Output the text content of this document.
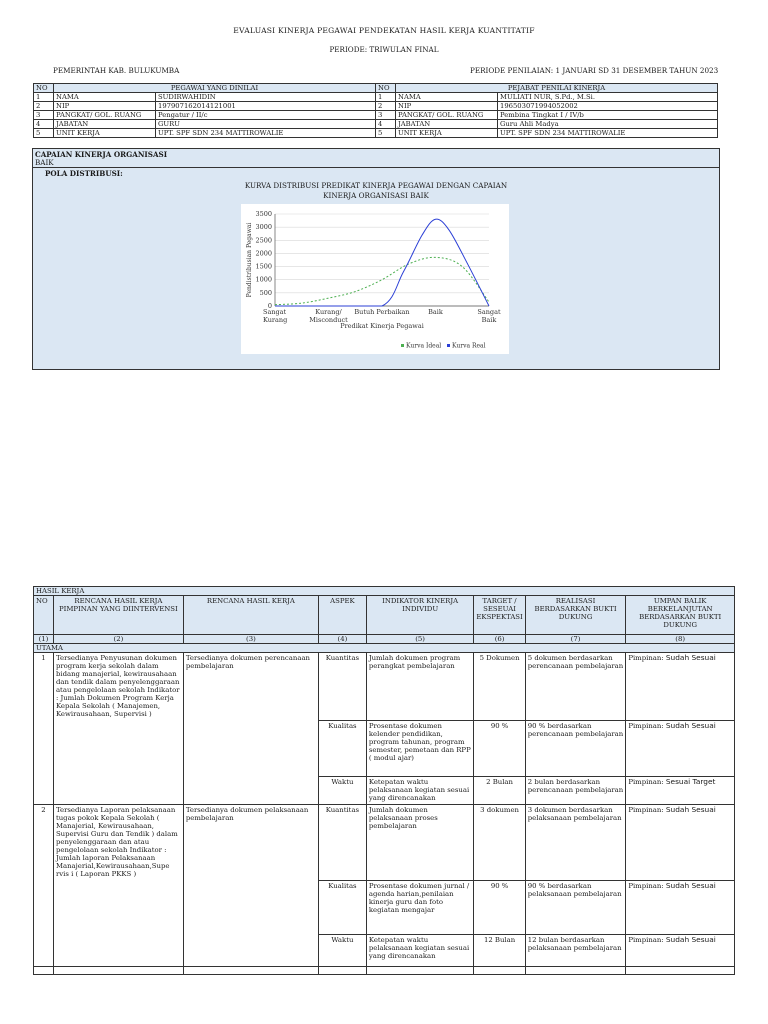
EVALUASI KINERJA PEGAWAI PENDEKATAN HASIL KERJA KUANTITATIF
PERIODE: TRIWULAN FINAL
PEMERINTAH KAB. BULUKUMBA	PERIODE PENILAIAN: 1 JANUARI SD 31 DESEMBER TAHUN 2023
NO	PEGAWAI YANG DINILAI		NO	PEJABAT PENILAI KINERJA	
1	NAMA	SUDIRWAHIDIN	1	NAMA	MULIATI NUR, S.Pd., M.Si.
2	NIP	197907162014121001	2	NIP	196503071994052002
3	PANGKAT/ GOL. RUANG	Pengatur / II/c	3	PANGKAT/ GOL. RUANG	Pembina Tingkat I / IV/b
4	JABATAN	GURU	4	JABATAN	Guru Ahli Madya
5	UNIT KERJA	UPT. SPF SDN 234 MATTIROWALIE	5	UNIT KERJA	UPT. SPF SDN 234 MATTIROWALIE
CAPAIAN KINERJA ORGANISASI
BAIK
POLA DISTRIBUSI:
KURVA DISTRIBUSI PREDIKAT KINERJA PEGAWAI DENGAN CAPAIAN
KINERJA ORGANISASI BAIK
0
500
1000
1500
2000
2500
3000
3500
Sangat
Kurang
Kurang/
Misconduct
Butuh Perbaikan	Baik	Sangat
Baik
Predikat Kinerja Pegawai
Pendistribusian Pegawai
Kurva Ideal Kurva Real
HASIL KERJA							
NO	RENCANA HASIL KERJA PIMPINAN YANG DIINTERVENSI	RENCANA HASIL KERJA	ASPEK	INDIKATOR KINERJA INDIVIDU	TARGET / SESEUAI EKSPEKTASI	REALISASI BERDASARKAN BUKTI DUKUNG	UMPAN BALIK BERKELANJUTAN BERDASARKAN BUKTI DUKUNG
(1)	(2)	(3)	(4)	(5)	(6)	(7)	(8)
UTAMA							
1	Tersedianya Penyusunan dokumen program kerja sekolah dalam bidang manajerial, kewirausahaan dan tendik dalam penyelenggaraan atau pengelolaan sekolah Indikator : Jumlah Dokumen Program Kerja Kepala Sekolah ( Manajemen, Kewirausahaan, Supervisi )	Tersedianya dokumen perencanaan pembelajaran	Kuantitas	Jumlah dokumen program perangkat pembelajaran	5 Dokumen	5 dokumen berdasarkan perencanaan pembelajaran	Pimpinan: Sudah Sesuai
			Kualitas	Prosentase dokumen kelender pendidikan, program tahunan, program semester, pemetaan dan RPP ( modul ajar)	90 %	90 % berdasarkan perencanaan pembelajaran	Pimpinan: Sudah Sesuai
			Waktu	Ketepatan waktu pelaksanaan kegiatan sesuai yang direncanakan	2 Bulan	2 bulan berdasarkan perencanaan pembelajaran	Pimpinan: Sesuai Target
2	Tersedianya Laporan pelaksanaan tugas pokok Kepala Sekolah ( Manajerial, Kewirausahaan, Supervisi Guru dan Tendik ) dalam penyelenggaraan dan atau pengelolaan sekolah Indikator : Jumlah laporan Pelaksanaan Manajerial,Kewirausahaan,Supe rvis i ( Laporan PKKS )	Tersedianya dokumen pelaksanaan pembelajaran	Kuantitas	Jumlah dokumen pelaksanaan proses pembelajaran	3 dokumen	3 dokumen berdasarkan pelaksanaan pembelajaran	Pimpinan: Sudah Sesuai
			Kualitas	Prosentase dokumen jurnal / agenda harian,penilaian kinerja guru dan foto kegiatan mengajar	90 %	90 % berdasarkan pelaksanaan pembelajaran	Pimpinan: Sudah Sesuai
			Waktu	Ketepatan waktu pelaksanaan kegiatan sesuai yang direncanakan	12 Bulan	12 bulan berdasarkan pelaksanaan pembelajaran	Pimpinan: Sudah Sesuai
